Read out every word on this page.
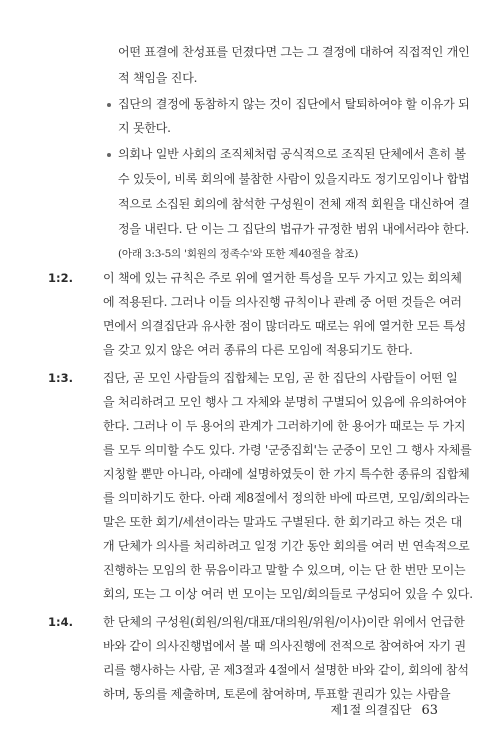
어떤 표결에 찬성표를 던졌다면 그는 그 결정에 대하여 직접적인 개인
적 책임을 진다.
집단의 결정에 동참하지 않는 것이 집단에서 탈퇴하여야 할 이유가 되
지 못한다.
의회나 일반 사회의 조직체처럼 공식적으로 조직된 단체에서 흔히 볼
수 있듯이, 비록 회의에 불참한 사람이 있을지라도 정기모임이나 합법
적으로 소집된 회의에 참석한 구성원이 전체 재적 회원을 대신하여 결
정을 내린다. 단 이는 그 집단의 법규가 규정한 범위 내에서라야 한다.
(아래 3:3-5의 '회원의 정족수'와 또한 제40절을 참조)
1:2.	이 책에 있는 규칙은 주로 위에 열거한 특성을 모두 가지고 있는 회의체
에 적용된다. 그러나 이들 의사진행 규칙이나 관례 중 어떤 것들은 여러
면에서 의결집단과 유사한 점이 많더라도 때로는 위에 열거한 모든 특성
을 갖고 있지 않은 여러 종류의 다른 모임에 적용되기도 한다.
1:3.	집단, 곧 모인 사람들의 집합체는 모임, 곧 한 집단의 사람들이 어떤 일
을 처리하려고 모인 행사 그 자체와 분명히 구별되어 있음에 유의하여야
한다. 그러나 이 두 용어의 관계가 그러하기에 한 용어가 때로는 두 가지
를 모두 의미할 수도 있다. 가령 '군중집회'는 군중이 모인 그 행사 자체를
지칭할 뿐만 아니라, 아래에 설명하였듯이 한 가지 특수한 종류의 집합체
를 의미하기도 한다. 아래 제8절에서 정의한 바에 따르면, 모임/회의라는
말은 또한 회기/세션이라는 말과도 구별된다. 한 회기라고 하는 것은 대
개 단체가 의사를 처리하려고 일정 기간 동안 회의를 여러 번 연속적으로
진행하는 모임의 한 묶음이라고 말할 수 있으며, 이는 단 한 번만 모이는
회의, 또는 그 이상 여러 번 모이는 모임/회의들로 구성되어 있을 수 있다.
1:4.	한 단체의 구성원(회원/의원/대표/대의원/위원/이사)이란 위에서 언급한
바와 같이 의사진행법에서 볼 때 의사진행에 전적으로 참여하여 자기 권
리를 행사하는 사람, 곧 제3절과 4절에서 설명한 바와 같이, 회의에 참석
하며, 동의를 제출하며, 토론에 참여하며, 투표할 권리가 있는 사람을
제1절 의결집단 63
